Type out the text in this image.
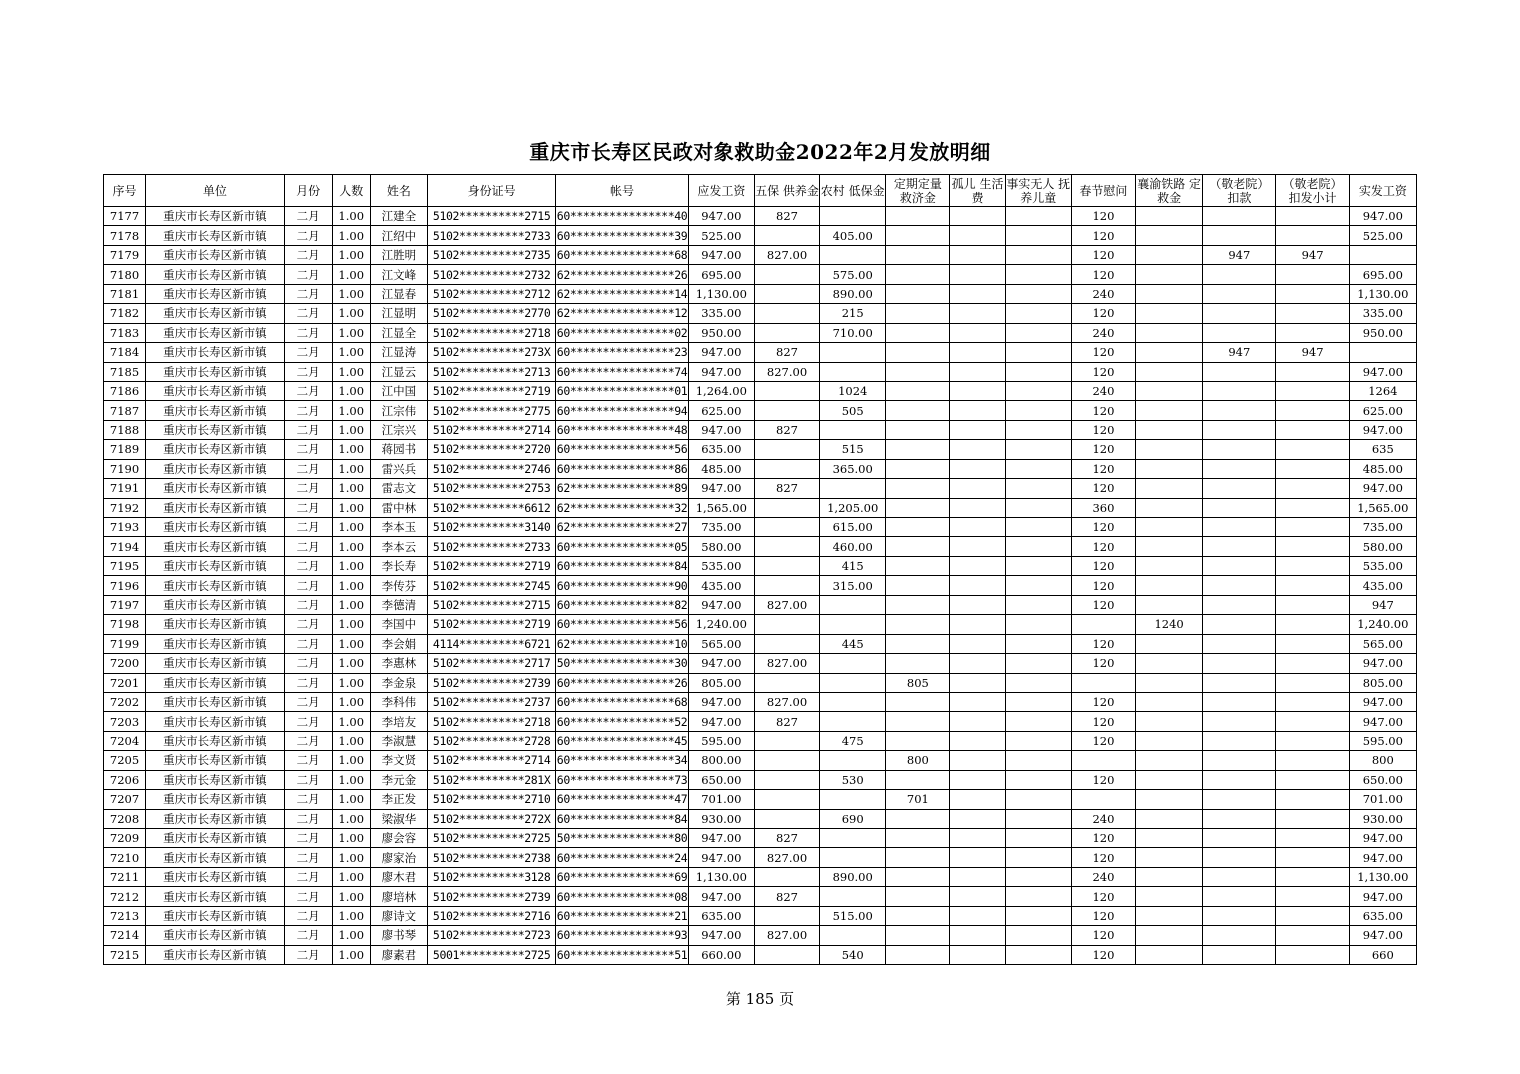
重庆市长寿区民政对象救助金2022年2月发放明细
序号	单位	月份	人数	姓名	身份证号	帐号	应发工资	五保 供养金	农村 低保金	定期定量 救济金	孤儿 生活费	事实无人 抚养儿童	春节慰问	襄渝铁路 定救金	（敬老院） 扣款	（敬老院） 扣发小计	实发工资
7177	重庆市长寿区新市镇	二月	1.00	江建全	5102**********2715	60****************40	947.00	827					120				947.00
7178	重庆市长寿区新市镇	二月	1.00	江绍中	5102**********2733	60****************39	525.00		405.00				120				525.00
7179	重庆市长寿区新市镇	二月	1.00	江胜明	5102**********2735	60****************68	947.00	827.00					120		947	947	
7180	重庆市长寿区新市镇	二月	1.00	江文峰	5102**********2732	62****************26	695.00		575.00				120				695.00
7181	重庆市长寿区新市镇	二月	1.00	江显春	5102**********2712	62****************14	1,130.00		890.00				240				1,130.00
7182	重庆市长寿区新市镇	二月	1.00	江显明	5102**********2770	62****************12	335.00		215				120				335.00
7183	重庆市长寿区新市镇	二月	1.00	江显全	5102**********2718	60****************02	950.00		710.00				240				950.00
7184	重庆市长寿区新市镇	二月	1.00	江显涛	5102**********273X	60****************23	947.00	827					120		947	947	
7185	重庆市长寿区新市镇	二月	1.00	江显云	5102**********2713	60****************74	947.00	827.00					120				947.00
7186	重庆市长寿区新市镇	二月	1.00	江中国	5102**********2719	60****************01	1,264.00		1024				240				1264
7187	重庆市长寿区新市镇	二月	1.00	江宗伟	5102**********2775	60****************94	625.00		505				120				625.00
7188	重庆市长寿区新市镇	二月	1.00	江宗兴	5102**********2714	60****************48	947.00	827					120				947.00
7189	重庆市长寿区新市镇	二月	1.00	蒋园书	5102**********2720	60****************56	635.00		515				120				635
7190	重庆市长寿区新市镇	二月	1.00	雷兴兵	5102**********2746	60****************86	485.00		365.00				120				485.00
7191	重庆市长寿区新市镇	二月	1.00	雷志文	5102**********2753	62****************89	947.00	827					120				947.00
7192	重庆市长寿区新市镇	二月	1.00	雷中林	5102**********6612	62****************32	1,565.00		1,205.00				360				1,565.00
7193	重庆市长寿区新市镇	二月	1.00	李本玉	5102**********3140	62****************27	735.00		615.00				120				735.00
7194	重庆市长寿区新市镇	二月	1.00	李本云	5102**********2733	60****************05	580.00		460.00				120				580.00
7195	重庆市长寿区新市镇	二月	1.00	李长寿	5102**********2719	60****************84	535.00		415				120				535.00
7196	重庆市长寿区新市镇	二月	1.00	李传芬	5102**********2745	60****************90	435.00		315.00				120				435.00
7197	重庆市长寿区新市镇	二月	1.00	李德清	5102**********2715	60****************82	947.00	827.00					120				947
7198	重庆市长寿区新市镇	二月	1.00	李国中	5102**********2719	60****************56	1,240.00							1240			1,240.00
7199	重庆市长寿区新市镇	二月	1.00	李会娟	4114**********6721	62****************10	565.00		445				120				565.00
7200	重庆市长寿区新市镇	二月	1.00	李惠林	5102**********2717	50****************30	947.00	827.00					120				947.00
7201	重庆市长寿区新市镇	二月	1.00	李金泉	5102**********2739	60****************26	805.00			805							805.00
7202	重庆市长寿区新市镇	二月	1.00	李科伟	5102**********2737	60****************68	947.00	827.00					120				947.00
7203	重庆市长寿区新市镇	二月	1.00	李培友	5102**********2718	60****************52	947.00	827					120				947.00
7204	重庆市长寿区新市镇	二月	1.00	李淑慧	5102**********2728	60****************45	595.00		475				120				595.00
7205	重庆市长寿区新市镇	二月	1.00	李文贤	5102**********2714	60****************34	800.00			800							800
7206	重庆市长寿区新市镇	二月	1.00	李元金	5102**********281X	60****************73	650.00		530				120				650.00
7207	重庆市长寿区新市镇	二月	1.00	李正发	5102**********2710	60****************47	701.00			701							701.00
7208	重庆市长寿区新市镇	二月	1.00	梁淑华	5102**********272X	60****************84	930.00		690				240				930.00
7209	重庆市长寿区新市镇	二月	1.00	廖会容	5102**********2725	50****************80	947.00	827					120				947.00
7210	重庆市长寿区新市镇	二月	1.00	廖家治	5102**********2738	60****************24	947.00	827.00					120				947.00
7211	重庆市长寿区新市镇	二月	1.00	廖木君	5102**********3128	60****************69	1,130.00		890.00				240				1,130.00
7212	重庆市长寿区新市镇	二月	1.00	廖培林	5102**********2739	60****************08	947.00	827					120				947.00
7213	重庆市长寿区新市镇	二月	1.00	廖诗文	5102**********2716	60****************21	635.00		515.00				120				635.00
7214	重庆市长寿区新市镇	二月	1.00	廖书琴	5102**********2723	60****************93	947.00	827.00					120				947.00
7215	重庆市长寿区新市镇	二月	1.00	廖素君	5001**********2725	60****************51	660.00		540				120				660
第 185 页
